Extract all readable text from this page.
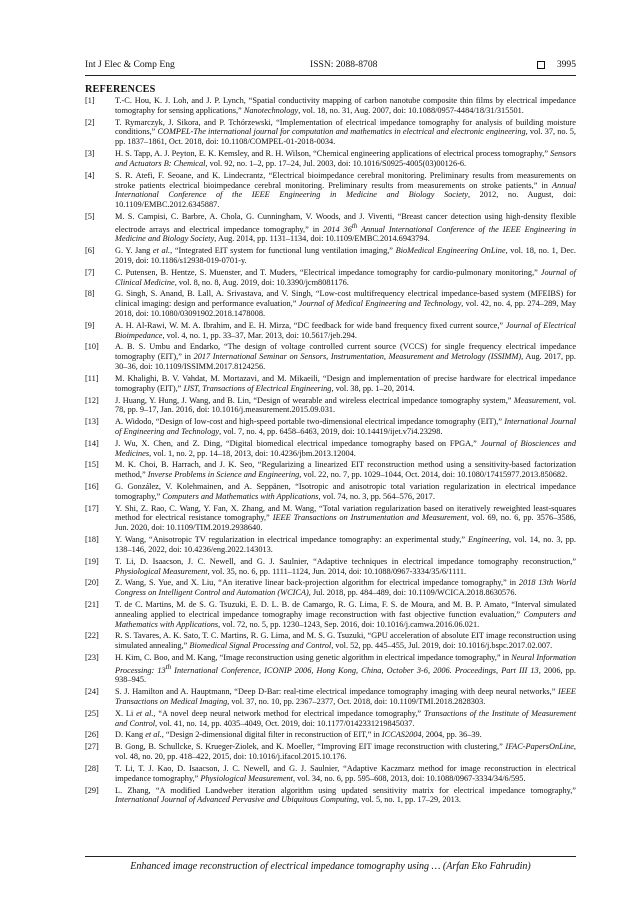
Int J Elec & Comp Eng	ISSN: 2088-8708	3995
REFERENCES
[1] T.-C. Hou, K. J. Loh, and J. P. Lynch, “Spatial conductivity mapping of carbon nanotube composite thin films by electrical impedance tomography for sensing applications,” Nanotechnology, vol. 18, no. 31, Aug. 2007, doi: 10.1088/0957-4484/18/31/315501.
[2] T. Rymarczyk, J. Sikora, and P. Tchórzewski, “Implementation of electrical impedance tomography for analysis of building moisture conditions,” COMPEL-The international journal for computation and mathematics in electrical and electronic engineering, vol. 37, no. 5, pp. 1837–1861, Oct. 2018, doi: 10.1108/COMPEL-01-2018-0034.
[3] H. S. Tapp, A. J. Peyton, E. K. Kemsley, and R. H. Wilson, “Chemical engineering applications of electrical process tomography,” Sensors and Actuators B: Chemical, vol. 92, no. 1–2, pp. 17–24, Jul. 2003, doi: 10.1016/S0925-4005(03)00126-6.
[4] S. R. Atefi, F. Seoane, and K. Lindecrantz, “Electrical bioimpedance cerebral monitoring. Preliminary results from measurements on stroke patients electrical bioimpedance cerebral monitoring. Preliminary results from measurements on stroke patients,” in Annual International Conference of the IEEE Engineering in Medicine and Biology Society, 2012, no. August, doi: 10.1109/EMBC.2012.6345887.
[5] M. S. Campisi, C. Barbre, A. Chola, G. Cunningham, V. Woods, and J. Viventi, “Breast cancer detection using high-density flexible electrode arrays and electrical impedance tomography,” in 2014 36th Annual International Conference of the IEEE Engineering in Medicine and Biology Society, Aug. 2014, pp. 1131–1134, doi: 10.1109/EMBC.2014.6943794.
[6] G. Y. Jang et al., “Integrated EIT system for functional lung ventilation imaging,” BioMedical Engineering OnLine, vol. 18, no. 1, Dec. 2019, doi: 10.1186/s12938-019-0701-y.
[7] C. Putensen, B. Hentze, S. Muenster, and T. Muders, “Electrical impedance tomography for cardio-pulmonary monitoring,” Journal of Clinical Medicine, vol. 8, no. 8, Aug. 2019, doi: 10.3390/jcm8081176.
[8] G. Singh, S. Anand, B. Lall, A. Srivastava, and V. Singh, “Low-cost multifrequency electrical impedance-based system (MFEIBS) for clinical imaging: design and performance evaluation,” Journal of Medical Engineering and Technology, vol. 42, no. 4, pp. 274–289, May 2018, doi: 10.1080/03091902.2018.1478008.
[9] A. H. Al-Rawi, W. M. A. Ibrahim, and E. H. Mirza, “DC feedback for wide band frequency fixed current source,” Journal of Electrical Bioimpedance, vol. 4, no. 1, pp. 33–37, Mar. 2013, doi: 10.5617/jeb.294.
[10] A. B. S. Umbu and Endarko, “The design of voltage controlled current source (VCCS) for single frequency electrical impedance tomography (EIT),” in 2017 International Seminar on Sensors, Instrumentation, Measurement and Metrology (ISSIMM), Aug. 2017, pp. 30–36, doi: 10.1109/ISSIMM.2017.8124256.
[11] M. Khalighi, B. V. Vahdat, M. Mortazavi, and M. Mikaeili, “Design and implementation of precise hardware for electrical impedance tomography (EIT),” IJST, Transactions of Electrical Engineering, vol. 38, pp. 1–20, 2014.
[12] J. Huang, Y. Hung, J. Wang, and B. Lin, “Design of wearable and wireless electrical impedance tomography system,” Measurement, vol. 78, pp. 9–17, Jan. 2016, doi: 10.1016/j.measurement.2015.09.031.
[13] A. Widodo, “Design of low-cost and high-speed portable two-dimensional electrical impedance tomography (EIT),” International Journal of Engineering and Technology, vol. 7, no. 4, pp. 6458–6463, 2019, doi: 10.14419/ijet.v7i4.23298.
[14] J. Wu, X. Chen, and Z. Ding, “Digital biomedical electrical impedance tomography based on FPGA,” Journal of Biosciences and Medicines, vol. 1, no. 2, pp. 14–18, 2013, doi: 10.4236/jbm.2013.12004.
[15] M. K. Choi, B. Harrach, and J. K. Seo, “Regularizing a linearized EIT reconstruction method using a sensitivity-based factorization method,” Inverse Problems in Science and Engineering, vol. 22, no. 7, pp. 1029–1044, Oct. 2014, doi: 10.1080/17415977.2013.850682.
[16] G. González, V. Kolehmainen, and A. Seppänen, “Isotropic and anisotropic total variation regularization in electrical impedance tomography,” Computers and Mathematics with Applications, vol. 74, no. 3, pp. 564–576, 2017.
[17] Y. Shi, Z. Rao, C. Wang, Y. Fan, X. Zhang, and M. Wang, “Total variation regularization based on iteratively reweighted least-squares method for electrical resistance tomography,” IEEE Transactions on Instrumentation and Measurement, vol. 69, no. 6, pp. 3576–3586, Jun. 2020, doi: 10.1109/TIM.2019.2938640.
[18] Y. Wang, “Anisotropic TV regularization in electrical impedance tomography: an experimental study,” Engineering, vol. 14, no. 3, pp. 138–146, 2022, doi: 10.4236/eng.2022.143013.
[19] T. Li, D. Isaacson, J. C. Newell, and G. J. Saulnier, “Adaptive techniques in electrical impedance tomography reconstruction,” Physiological Measurement, vol. 35, no. 6, pp. 1111–1124, Jun. 2014, doi: 10.1088/0967-3334/35/6/1111.
[20] Z. Wang, S. Yue, and X. Liu, “An iterative linear back-projection algorithm for electrical impedance tomography,” in 2018 13th World Congress on Intelligent Control and Automation (WCICA), Jul. 2018, pp. 484–489, doi: 10.1109/WCICA.2018.8630576.
[21] T. de C. Martins, M. de S. G. Tsuzuki, E. D. L. B. de Camargo, R. G. Lima, F. S. de Moura, and M. B. P. Amato, “Interval simulated annealing applied to electrical impedance tomography image reconstruction with fast objective function evaluation,” Computers and Mathematics with Applications, vol. 72, no. 5, pp. 1230–1243, Sep. 2016, doi: 10.1016/j.camwa.2016.06.021.
[22] R. S. Tavares, A. K. Sato, T. C. Martins, R. G. Lima, and M. S. G. Tsuzuki, “GPU acceleration of absolute EIT image reconstruction using simulated annealing,” Biomedical Signal Processing and Control, vol. 52, pp. 445–455, Jul. 2019, doi: 10.1016/j.bspc.2017.02.007.
[23] H. Kim, C. Boo, and M. Kang, “Image reconstruction using genetic algorithm in electrical impedance tomography,” in Neural Information Processing: 13th International Conference, ICONIP 2006, Hong Kong, China, October 3-6, 2006. Proceedings, Part III 13, 2006, pp. 938–945.
[24] S. J. Hamilton and A. Hauptmann, “Deep D-Bar: real-time electrical impedance tomography imaging with deep neural networks,” IEEE Transactions on Medical Imaging, vol. 37, no. 10, pp. 2367–2377, Oct. 2018, doi: 10.1109/TMI.2018.2828303.
[25] X. Li et al., “A novel deep neural network method for electrical impedance tomography,” Transactions of the Institute of Measurement and Control, vol. 41, no. 14, pp. 4035–4049, Oct. 2019, doi: 10.1177/0142331219845037.
[26] D. Kang et al., “Design 2-dimensional digital filter in reconstruction of EIT,” in ICCAS2004, 2004, pp. 36–39.
[27] B. Gong, B. Schullcke, S. Krueger-Ziolek, and K. Moeller, “Improving EIT image reconstruction with clustering,” IFAC-PapersOnLine, vol. 48, no. 20, pp. 418–422, 2015, doi: 10.1016/j.ifacol.2015.10.176.
[28] T. Li, T. J. Kao, D. Isaacson, J. C. Newell, and G. J. Saulnier, “Adaptive Kaczmarz method for image reconstruction in electrical impedance tomography,” Physiological Measurement, vol. 34, no. 6, pp. 595–608, 2013, doi: 10.1088/0967-3334/34/6/595.
[29] L. Zhang, “A modified Landweber iteration algorithm using updated sensitivity matrix for electrical impedance tomography,” International Journal of Advanced Pervasive and Ubiquitous Computing, vol. 5, no. 1, pp. 17–29, 2013.
Enhanced image reconstruction of electrical impedance tomography using … (Arfan Eko Fahrudin)
